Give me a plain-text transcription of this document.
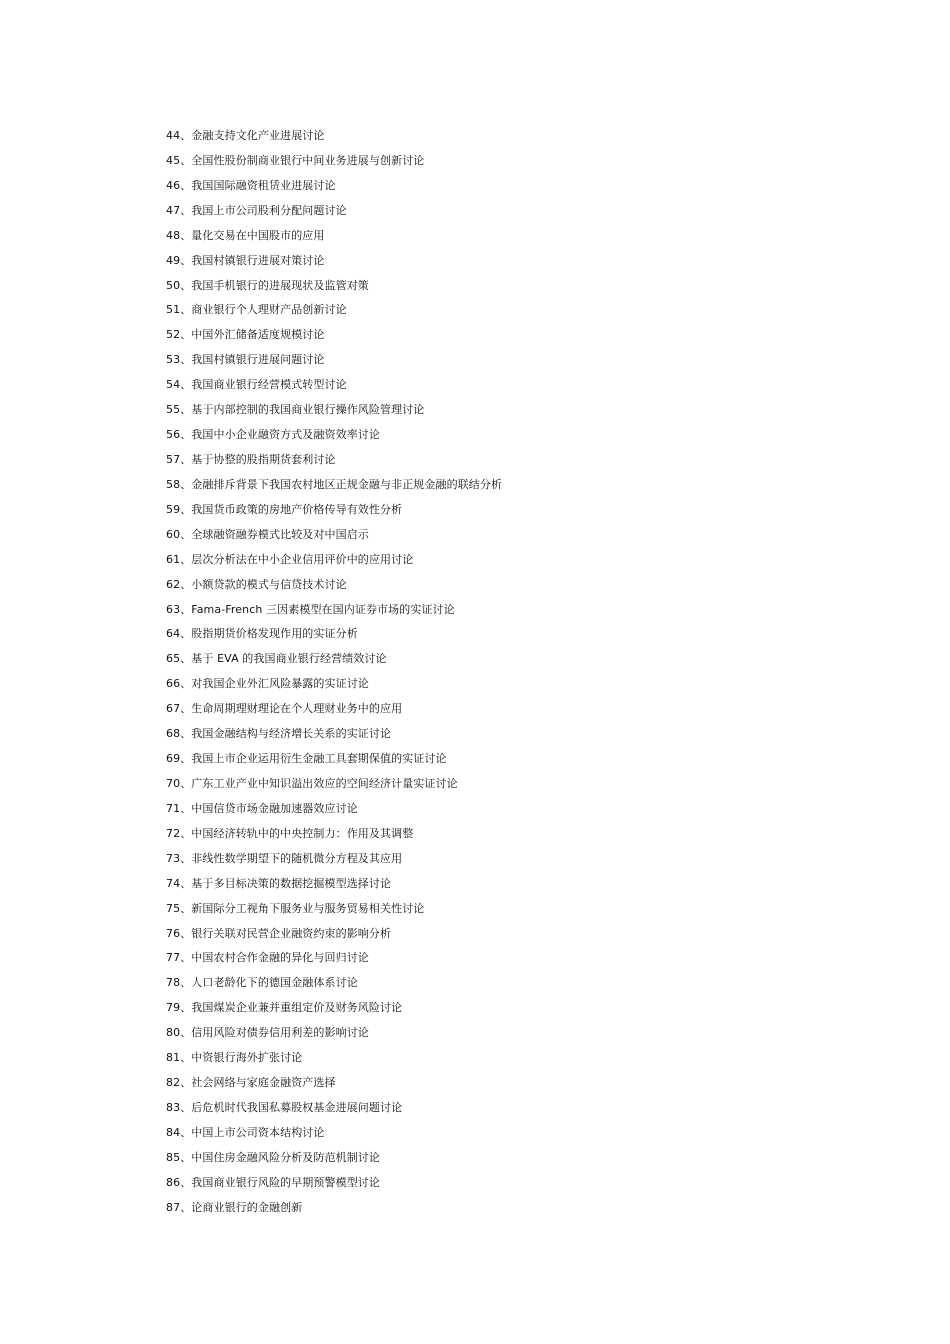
44、金融支持文化产业进展讨论
45、全国性股份制商业银行中间业务进展与创新讨论
46、我国国际融资租赁业进展讨论
47、我国上市公司股利分配问题讨论
48、量化交易在中国股市的应用
49、我国村镇银行进展对策讨论
50、我国手机银行的进展现状及监管对策
51、商业银行个人理财产品创新讨论
52、中国外汇储备适度规模讨论
53、我国村镇银行进展问题讨论
54、我国商业银行经营模式转型讨论
55、基于内部控制的我国商业银行操作风险管理讨论
56、我国中小企业融资方式及融资效率讨论
57、基于协整的股指期货套利讨论
58、金融排斥背景下我国农村地区正规金融与非正规金融的联结分析
59、我国货币政策的房地产价格传导有效性分析
60、全球融资融券模式比较及对中国启示
61、层次分析法在中小企业信用评价中的应用讨论
62、小额贷款的模式与信贷技术讨论
63、Fama-French 三因素模型在国内证券市场的实证讨论
64、股指期货价格发现作用的实证分析
65、基于 EVA 的我国商业银行经营绩效讨论
66、对我国企业外汇风险暴露的实证讨论
67、生命周期理财理论在个人理财业务中的应用
68、我国金融结构与经济增长关系的实证讨论
69、我国上市企业运用衍生金融工具套期保值的实证讨论
70、广东工业产业中知识溢出效应的空间经济计量实证讨论
71、中国信贷市场金融加速器效应讨论
72、中国经济转轨中的中央控制力：作用及其调整
73、非线性数学期望下的随机微分方程及其应用
74、基于多目标决策的数据挖掘模型选择讨论
75、新国际分工视角下服务业与服务贸易相关性讨论
76、银行关联对民营企业融资约束的影响分析
77、中国农村合作金融的异化与回归讨论
78、人口老龄化下的德国金融体系讨论
79、我国煤炭企业兼并重组定价及财务风险讨论
80、信用风险对债券信用利差的影响讨论
81、中资银行海外扩张讨论
82、社会网络与家庭金融资产选择
83、后危机时代我国私募股权基金进展问题讨论
84、中国上市公司资本结构讨论
85、中国住房金融风险分析及防范机制讨论
86、我国商业银行风险的早期预警模型讨论
87、论商业银行的金融创新
